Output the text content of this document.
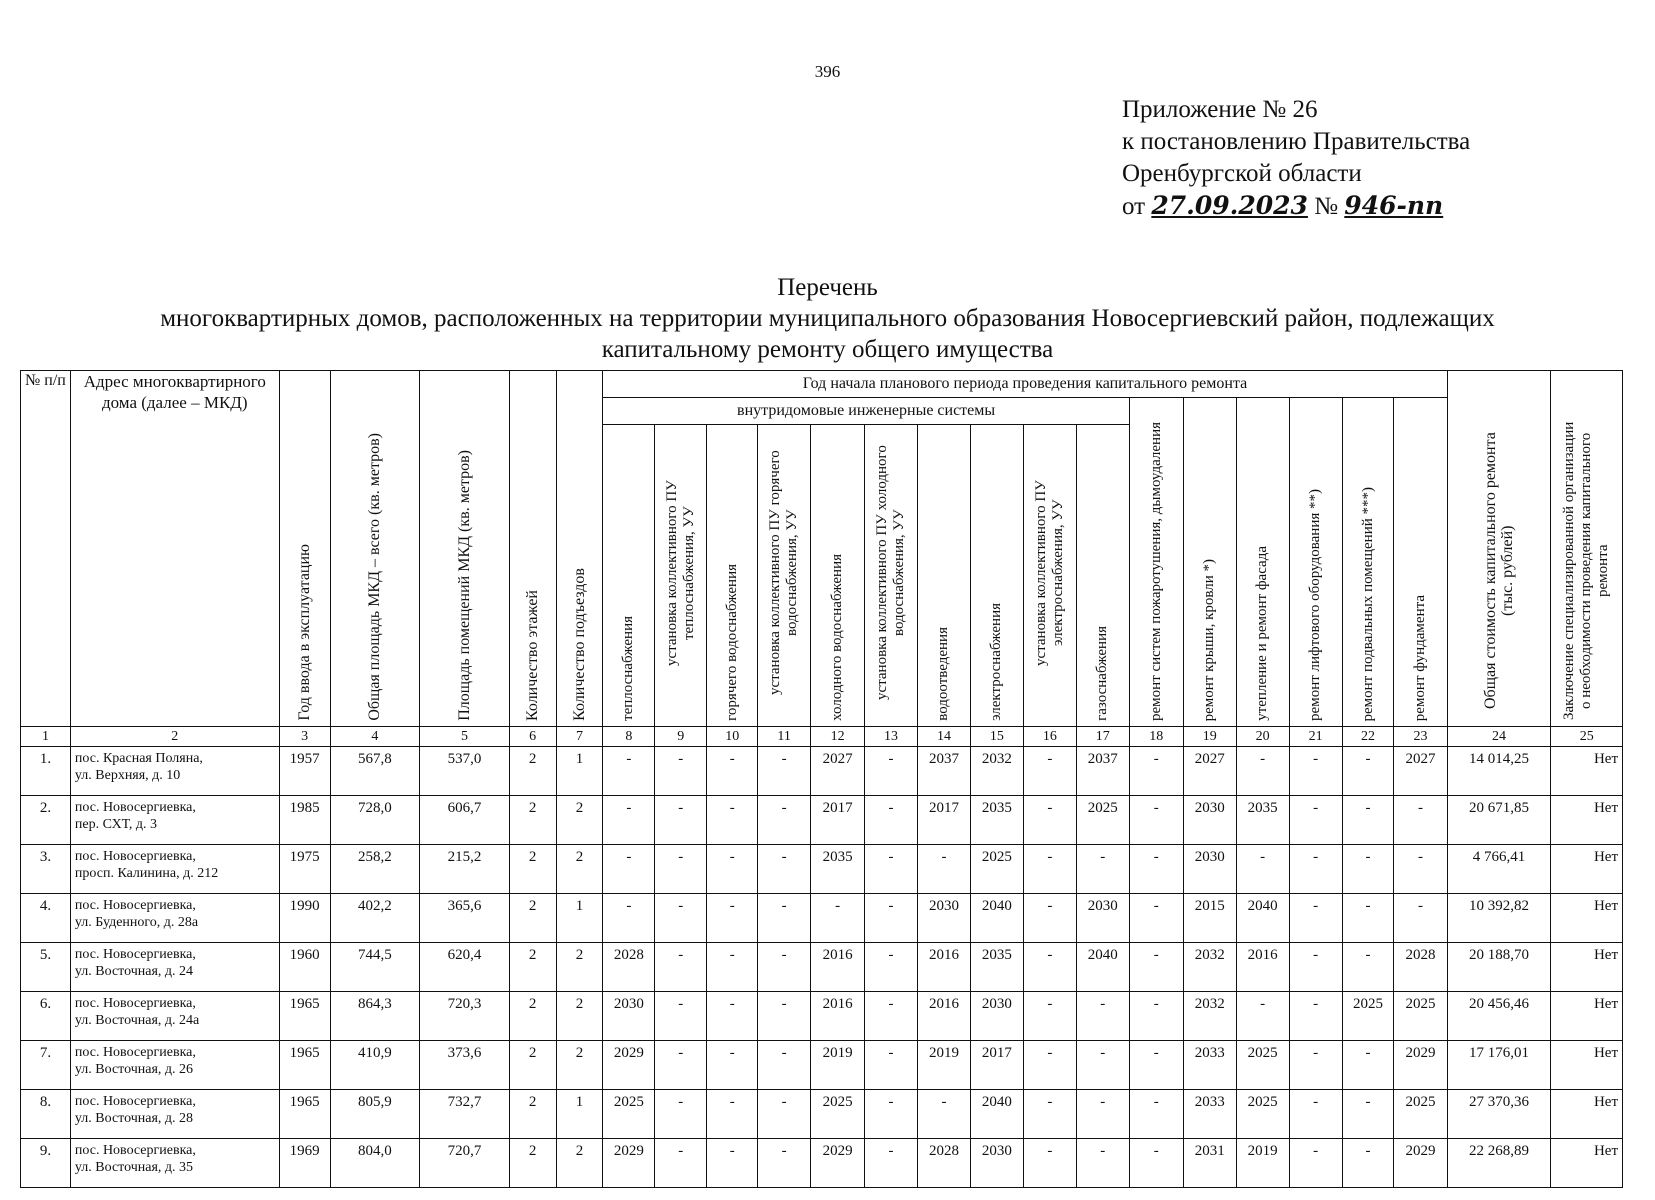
396
Приложение № 26
к постановлению Правительства
Оренбургской области
от 27.09.2023 № 946-пп
Перечень
многоквартирных домов, расположенных на территории муниципального образования Новосергиевский район, подлежащих
капитальному ремонту общего имущества
№ п/п	Адрес многоквартирного дома (далее – МКД)	Год ввода в эксплуатацию	Общая площадь МКД – всего (кв. метров)	Площадь помещений МКД (кв. метров)	Количество этажей	Количество подъездов	Год начала планового периода проведения капитального ремонта																Общая стоимость капитального ремонта (тыс. рублей)	Заключение специализированной организации о необходимости проведения капитального ремонта
							внутридомовые инженерные системы										ремонт систем пожаротушения, дымоудаления	ремонт крыши, кровли *)	утепление и ремонт фасада	ремонт лифтового оборудования **)	ремонт подвальных помещений ***)	ремонт фундамента		
							теплоснабжения	установка коллективного ПУ теплоснабжения, УУ	горячего водоснабжения	установка коллективного ПУ горячего водоснабжения, УУ	холодного водоснабжения	установка коллективного ПУ холодного водоснабжения, УУ	водоотведения	электроснабжения	установка коллективного ПУ электроснабжения, УУ	газоснабжения								
1	2	3	4	5	6	7	8	9	10	11	12	13	14	15	16	17	18	19	20	21	22	23	24	25
1.	пос. Красная Поляна,
ул. Верхняя, д. 10	1957	567,8	537,0	2	1	-	-	-	-	2027	-	2037	2032	-	2037	-	2027	-	-	-	2027	14 014,25	Нет
2.	пос. Новосергиевка,
пер. СХТ, д. 3	1985	728,0	606,7	2	2	-	-	-	-	2017	-	2017	2035	-	2025	-	2030	2035	-	-	-	20 671,85	Нет
3.	пос. Новосергиевка,
просп. Калинина, д. 212	1975	258,2	215,2	2	2	-	-	-	-	2035	-	-	2025	-	-	-	2030	-	-	-	-	4 766,41	Нет
4.	пос. Новосергиевка,
ул. Буденного, д. 28а	1990	402,2	365,6	2	1	-	-	-	-	-	-	2030	2040	-	2030	-	2015	2040	-	-	-	10 392,82	Нет
5.	пос. Новосергиевка,
ул. Восточная, д. 24	1960	744,5	620,4	2	2	2028	-	-	-	2016	-	2016	2035	-	2040	-	2032	2016	-	-	2028	20 188,70	Нет
6.	пос. Новосергиевка,
ул. Восточная, д. 24а	1965	864,3	720,3	2	2	2030	-	-	-	2016	-	2016	2030	-	-	-	2032	-	-	2025	2025	20 456,46	Нет
7.	пос. Новосергиевка,
ул. Восточная, д. 26	1965	410,9	373,6	2	2	2029	-	-	-	2019	-	2019	2017	-	-	-	2033	2025	-	-	2029	17 176,01	Нет
8.	пос. Новосергиевка,
ул. Восточная, д. 28	1965	805,9	732,7	2	1	2025	-	-	-	2025	-	-	2040	-	-	-	2033	2025	-	-	2025	27 370,36	Нет
9.	пос. Новосергиевка,
ул. Восточная, д. 35	1969	804,0	720,7	2	2	2029	-	-	-	2029	-	2028	2030	-	-	-	2031	2019	-	-	2029	22 268,89	Нет
